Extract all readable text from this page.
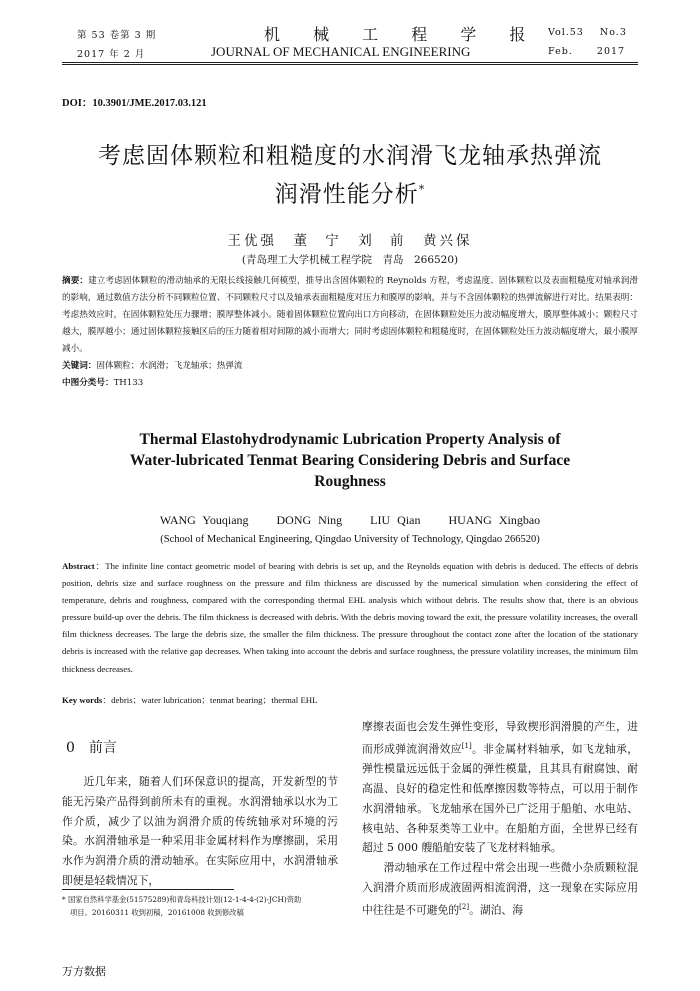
第 53 卷第 3 期
2017 年 2 月
机 械 工 程 学 报
JOURNAL OF MECHANICAL ENGINEERING
Vol.53    No.3
Feb.      2017
DOI：10.3901/JME.2017.03.121
考虑固体颗粒和粗糙度的水润滑飞龙轴承热弹流
润滑性能分析*
王优强　董 宁　刘 前　黄兴保
(青岛理工大学机械工程学院　青岛　266520)
摘要：建立考虑固体颗粒的滑动轴承的无限长线接触几何模型，推导出含固体颗粒的 Reynolds 方程，考虑温度、固体颗粒以及表面粗糙度对轴承润滑的影响，通过数值方法分析不同颗粒位置、不同颗粒尺寸以及轴承表面粗糙度对压力和膜厚的影响，并与不含固体颗粒的热弹流解进行对比。结果表明：考虑热效应时，在固体颗粒处压力骤增；膜厚整体减小。随着固体颗粒位置向出口方向移动，在固体颗粒处压力波动幅度增大，膜厚整体减小；颗粒尺寸越大，膜厚越小；通过固体颗粒接触区后的压力随着相对间隙的减小而增大；同时考虑固体颗粒和粗糙度时，在固体颗粒处压力波动幅度增大，最小膜厚减小。
关键词：固体颗粒；水润滑；飞龙轴承；热弹流
中图分类号：TH133
Thermal Elastohydrodynamic Lubrication Property Analysis of
Water-lubricated Tenmat Bearing Considering Debris and Surface
Roughness
WANG Youqiang    DONG Ning    LIU Qian    HUANG Xingbao
(School of Mechanical Engineering, Qingdao University of Technology, Qingdao 266520)
Abstract：The infinite line contact geometric model of bearing with debris is set up, and the Reynolds equation with debris is deduced. The effects of debris position, debris size and surface roughness on the pressure and film thickness are discussed by the numerical simulation when considering the effect of temperature, debris and roughness, compared with the corresponding thermal EHL analysis which without debris. The results show that, there is an obvious pressure build-up over the debris. The film thickness is decreased with debris. With the debris moving toward the exit, the pressure volatility increases, the overall film thickness decreases. The large the debris size, the smaller the film thickness. The pressure throughout the contact zone after the location of the stationary debris is increased with the relative gap decreases. When taking into account the debris and surface roughness, the pressure volatility increases, the minimum film thickness decreases.
Key words：debris；water lubrication；tenmat bearing；thermal EHL
0　前言

近几年来，随着人们环保意识的提高，开发新型的节能无污染产品得到前所未有的重视。水润滑轴承以水为工作介质，减少了以油为润滑介质的传统轴承对环境的污染。水润滑轴承是一种采用非金属材料作为摩擦副，采用水作为润滑介质的滑动轴承。在实际应用中，水润滑轴承即便是轻载情况下，

* 国家自然科学基金(51575289)和青岛科技计划(12-1-4-4-(2)-JCH)资助
项目。20160311 收到初稿，20161008 收到修改稿

摩擦表面也会发生弹性变形，导致楔形润滑膜的产生，进而形成弹流润滑效应[1]。非金属材料轴承，如飞龙轴承，弹性模量远远低于金属的弹性模量，且其具有耐腐蚀、耐高温、良好的稳定性和低摩擦因数等特点，可以用于制作水润滑轴承。飞龙轴承在国外已广泛用于船舶、水电站、核电站、各种泵类等工业中。在船舶方面，全世界已经有超过 5 000 艘船舶安装了飞龙材料轴承。

滑动轴承在工作过程中常会出现一些微小杂质颗粒混入润滑介质而形成液固两相流润滑，这一现象在实际应用中往往是不可避免的[2]。湖泊、海

万方数据
